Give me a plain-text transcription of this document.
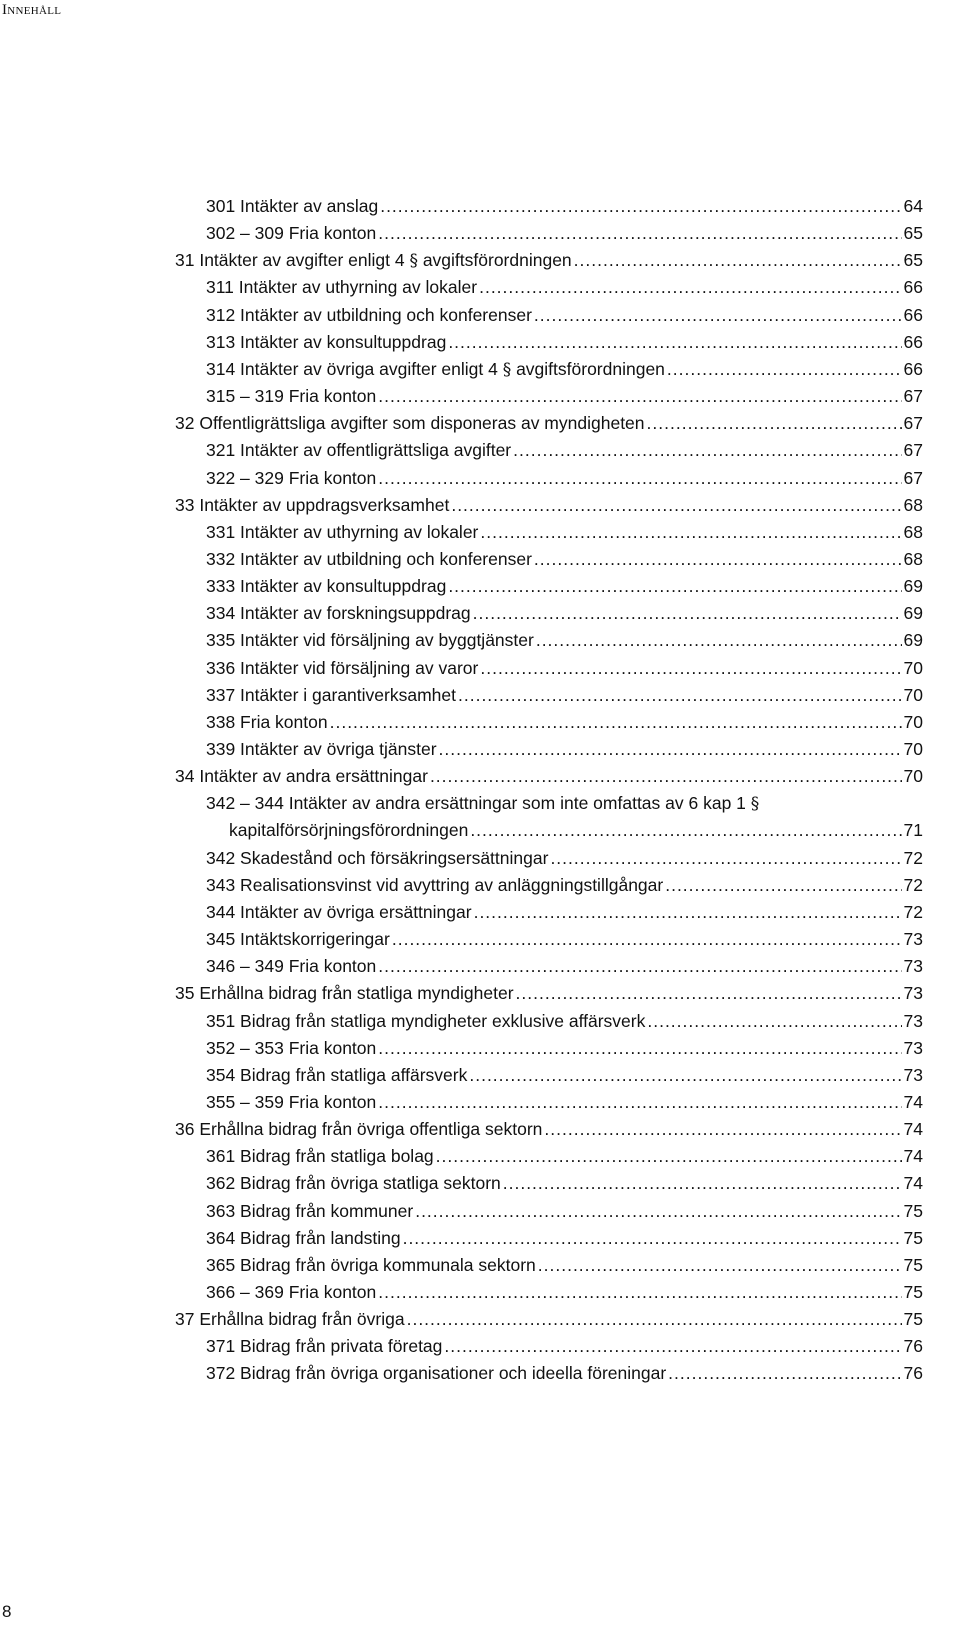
Innehåll
301 Intäkter av anslag .....	64
302 – 309 Fria konton .....	65
31 Intäkter av avgifter enligt 4 § avgiftsförordningen .....	65
311 Intäkter av uthyrning av lokaler .....	66
312 Intäkter av utbildning och konferenser .....	66
313 Intäkter av konsultuppdrag .....	66
314 Intäkter av övriga avgifter enligt 4 § avgiftsförordningen .....	66
315 – 319 Fria konton .....	67
32 Offentligrättsliga avgifter som disponeras av myndigheten .....	67
321 Intäkter av offentligrättsliga avgifter .....	67
322 – 329 Fria konton .....	67
33 Intäkter av uppdragsverksamhet .....	68
331 Intäkter av uthyrning av lokaler .....	68
332 Intäkter av utbildning och konferenser .....	68
333 Intäkter av konsultuppdrag .....	69
334 Intäkter av forskningsuppdrag .....	69
335 Intäkter vid försäljning av byggtjänster .....	69
336 Intäkter vid försäljning av varor .....	70
337 Intäkter i garantiverksamhet .....	70
338 Fria konton .....	70
339 Intäkter av övriga tjänster .....	70
34 Intäkter av andra ersättningar .....	70
342 – 344 Intäkter av andra ersättningar som inte omfattas av 6 kap 1 §
kapitalförsörjningsförordningen .....	71
342 Skadestånd och försäkringsersättningar .....	72
343 Realisationsvinst vid avyttring av anläggningstillgångar .....	72
344 Intäkter av övriga ersättningar .....	72
345 Intäktskorrigeringar .....	73
346 – 349 Fria konton .....	73
35 Erhållna bidrag från statliga myndigheter .....	73
351 Bidrag från statliga myndigheter exklusive affärsverk .....	73
352 – 353 Fria konton .....	73
354 Bidrag från statliga affärsverk .....	73
355 – 359 Fria konton .....	74
36 Erhållna bidrag från övriga offentliga sektorn .....	74
361 Bidrag från statliga bolag .....	74
362 Bidrag från övriga statliga sektorn .....	74
363 Bidrag från kommuner .....	75
364 Bidrag från landsting .....	75
365 Bidrag från övriga kommunala sektorn .....	75
366 – 369 Fria konton .....	75
37 Erhållna bidrag från övriga .....	75
371 Bidrag från privata företag .....	76
372 Bidrag från övriga organisationer och ideella föreningar .....	76
8
